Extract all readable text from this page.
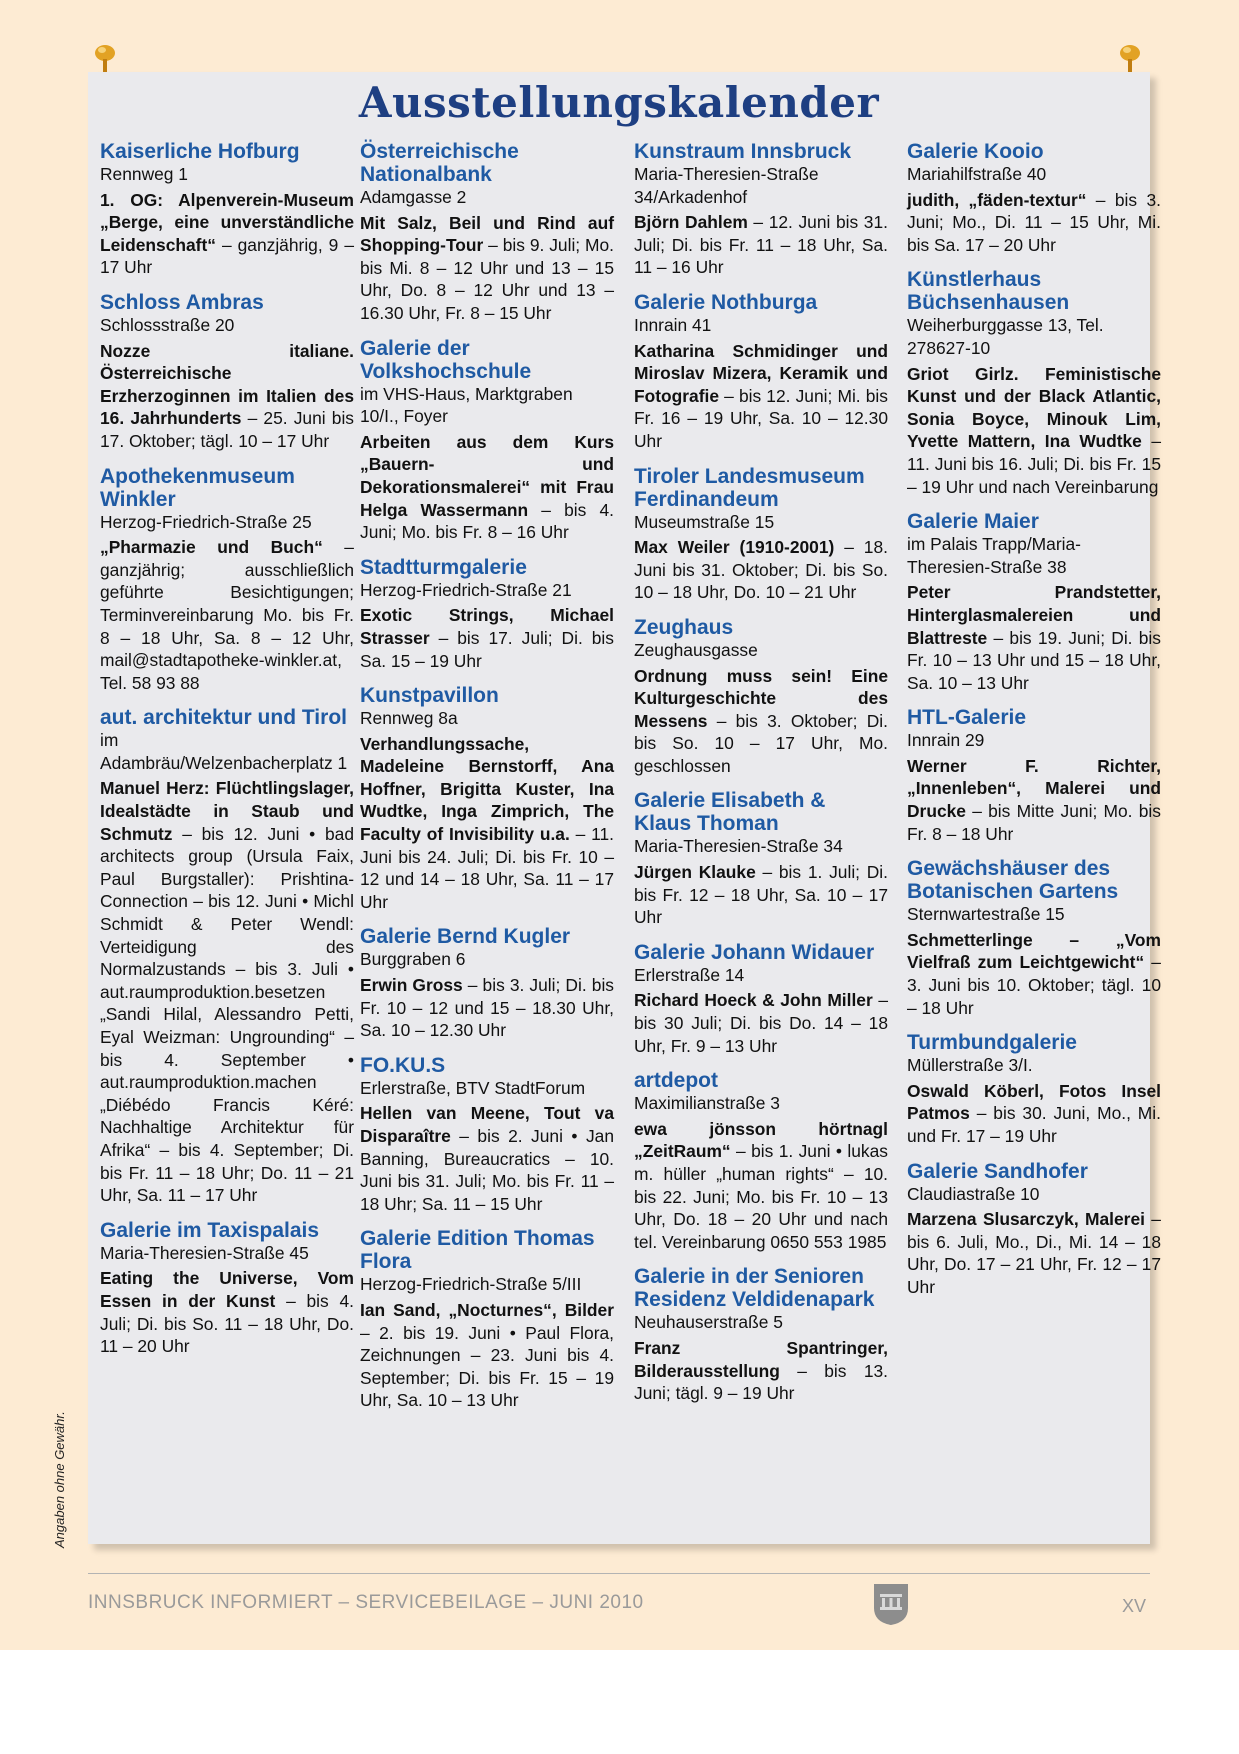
Ausstellungskalender
Kaiserliche Hofburg
Rennweg 1

1. OG: Alpenverein-Museum „Berge, eine unverständliche Leidenschaft“ – ganzjährig, 9 – 17 Uhr

Schloss Ambras
Schlossstraße 20

Nozze italiane. Österreichische Erzherzoginnen im Italien des 16. Jahrhunderts – 25. Juni bis 17. Oktober; tägl. 10 – 17 Uhr

Apothekenmuseum Winkler
Herzog-Friedrich-Straße 25

„Pharmazie und Buch“ – ganzjährig; ausschließlich geführte Besichtigungen; Terminvereinbarung Mo. bis Fr. 8 – 18 Uhr, Sa. 8 – 12 Uhr, mail@stadtapotheke-winkler.at, Tel. 58 93 88

aut. architektur und Tirol
im Adambräu/Welzenbacherplatz 1

Manuel Herz: Flüchtlingslager, Idealstädte in Staub und Schmutz – bis 12. Juni • bad architects group (Ursula Faix, Paul Burgstaller): Prishtina-Connection – bis 12. Juni • Michl Schmidt & Peter Wendl: Verteidigung des Normalzustands – bis 3. Juli • aut.raumproduktion.besetzen „Sandi Hilal, Alessandro Petti, Eyal Weizman: Ungrounding“ – bis 4. September • aut.raumproduktion.machen „Diébédo Francis Kéré: Nachhaltige Architektur für Afrika“ – bis 4. September; Di. bis Fr. 11 – 18 Uhr; Do. 11 – 21 Uhr, Sa. 11 – 17 Uhr

Galerie im Taxispalais
Maria-Theresien-Straße 45

Eating the Universe, Vom Essen in der Kunst – bis 4. Juli; Di. bis So. 11 – 18 Uhr, Do. 11 – 20 Uhr

Österreichische Nationalbank
Adamgasse 2

Mit Salz, Beil und Rind auf Shopping-Tour – bis 9. Juli; Mo. bis Mi. 8 – 12 Uhr und 13 – 15 Uhr, Do. 8 – 12 Uhr und 13 – 16.30 Uhr, Fr. 8 – 15 Uhr

Galerie der Volkshochschule
im VHS-Haus, Marktgraben 10/I., Foyer

Arbeiten aus dem Kurs „Bauern- und Dekorationsmalerei“ mit Frau Helga Wassermann – bis 4. Juni; Mo. bis Fr. 8 – 16 Uhr

Stadtturmgalerie
Herzog-Friedrich-Straße 21

Exotic Strings, Michael Strasser – bis 17. Juli; Di. bis Sa. 15 – 19 Uhr

Kunstpavillon
Rennweg 8a

Verhandlungssache, Madeleine Bernstorff, Ana Hoffner, Brigitta Kuster, Ina Wudtke, Inga Zimprich, The Faculty of Invisibility u.a. – 11. Juni bis 24. Juli; Di. bis Fr. 10 – 12 und 14 – 18 Uhr, Sa. 11 – 17 Uhr

Galerie Bernd Kugler
Burggraben 6

Erwin Gross – bis 3. Juli; Di. bis Fr. 10 – 12 und 15 – 18.30 Uhr, Sa. 10 – 12.30 Uhr

FO.KU.S
Erlerstraße, BTV StadtForum

Hellen van Meene, Tout va Disparaître – bis 2. Juni • Jan Banning, Bureaucratics – 10. Juni bis 31. Juli; Mo. bis Fr. 11 – 18 Uhr; Sa. 11 – 15 Uhr

Galerie Edition Thomas Flora
Herzog-Friedrich-Straße 5/III

Ian Sand, „Nocturnes“, Bilder – 2. bis 19. Juni • Paul Flora, Zeichnungen – 23. Juni bis 4. September; Di. bis Fr. 15 – 19 Uhr, Sa. 10 – 13 Uhr

Kunstraum Innsbruck
Maria-Theresien-Straße 34/Arkadenhof

Björn Dahlem – 12. Juni bis 31. Juli; Di. bis Fr. 11 – 18 Uhr, Sa. 11 – 16 Uhr

Galerie Nothburga
Innrain 41

Katharina Schmidinger und Miroslav Mizera, Keramik und Fotografie – bis 12. Juni; Mi. bis Fr. 16 – 19 Uhr, Sa. 10 – 12.30 Uhr

Tiroler Landesmuseum Ferdinandeum
Museumstraße 15

Max Weiler (1910-2001) – 18. Juni bis 31. Oktober; Di. bis So. 10 – 18 Uhr, Do. 10 – 21 Uhr

Zeughaus
Zeughausgasse

Ordnung muss sein! Eine Kulturgeschichte des Messens – bis 3. Oktober; Di. bis So. 10 – 17 Uhr, Mo. geschlossen

Galerie Elisabeth & Klaus Thoman
Maria-Theresien-Straße 34

Jürgen Klauke – bis 1. Juli; Di. bis Fr. 12 – 18 Uhr, Sa. 10 – 17 Uhr

Galerie Johann Widauer
Erlerstraße 14

Richard Hoeck & John Miller – bis 30 Juli; Di. bis Do. 14 – 18 Uhr, Fr. 9 – 13 Uhr

artdepot
Maximilianstraße 3

ewa jönsson hörtnagl „ZeitRaum“ – bis 1. Juni • lukas m. hüller „human rights“ – 10. bis 22. Juni; Mo. bis Fr. 10 – 13 Uhr, Do. 18 – 20 Uhr und nach tel. Vereinbarung 0650 553 1985

Galerie in der Senioren Residenz Veldidenapark
Neuhauserstraße 5

Franz Spantringer, Bilderausstellung – bis 13. Juni; tägl. 9 – 19 Uhr

Galerie Kooio
Mariahilfstraße 40

judith, „fäden-textur“ – bis 3. Juni; Mo., Di. 11 – 15 Uhr, Mi. bis Sa. 17 – 20 Uhr

Künstlerhaus Büchsenhausen
Weiherburggasse 13, Tel. 278627-10

Griot Girlz. Feministische Kunst und der Black Atlantic, Sonia Boyce, Minouk Lim, Yvette Mattern, Ina Wudtke – 11. Juni bis 16. Juli; Di. bis Fr. 15 – 19 Uhr und nach Vereinbarung

Galerie Maier
im Palais Trapp/Maria-Theresien-Straße 38

Peter Prandstetter, Hinterglasmalereien und Blattreste – bis 19. Juni; Di. bis Fr. 10 – 13 Uhr und 15 – 18 Uhr, Sa. 10 – 13 Uhr

HTL-Galerie
Innrain 29

Werner F. Richter, „Innenleben“, Malerei und Drucke – bis Mitte Juni; Mo. bis Fr. 8 – 18 Uhr

Gewächshäuser des Botanischen Gartens
Sternwartestraße 15

Schmetterlinge – „Vom Vielfraß zum Leichtgewicht“ – 3. Juni bis 10. Oktober; tägl. 10 – 18 Uhr

Turmbundgalerie
Müllerstraße 3/I.

Oswald Köberl, Fotos Insel Patmos – bis 30. Juni, Mo., Mi. und Fr. 17 – 19 Uhr

Galerie Sandhofer
Claudiastraße 10

Marzena Slusarczyk, Malerei – bis 6. Juli, Mo., Di., Mi. 14 – 18 Uhr, Do. 17 – 21 Uhr, Fr. 12 – 17 Uhr

Angaben ohne Gewähr.
INNSBRUCK INFORMIERT – SERVICEBEILAGE – JUNI 2010	XV
